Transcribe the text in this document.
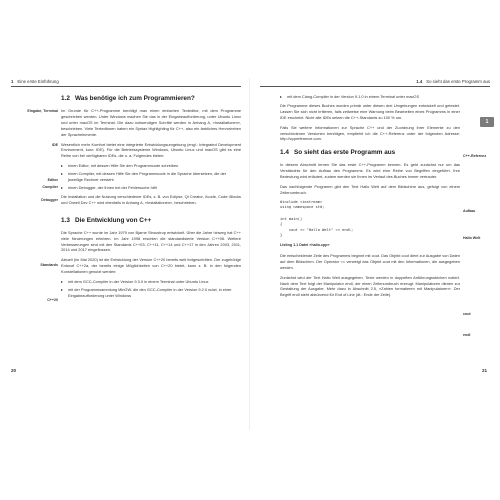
1 Eine erste Einführung
Eingabe, Terminal
IDE
Editor
Compiler
Debugger
Standards
C++20
1.2 Was benötige ich zum Programmieren?
Im Grunde für C++-Programme benötigt man einen einfachen Texteditor, mit dem Programme geschrieben werden. Unter Windows machen Sie das in der Eingabeaufforderung, unter Ubuntu Linux und unter macOS im Terminal. Die dazu notwendigen Schritte werden in Anhang A, »Installationen«, beschrieben. Viele Texteditoren haben ein Syntax Highlighting für C++, also ein farbliches Hervorheben der Sprachelemente.
Wesentlich mehr Komfort bietet eine integrierte Entwicklungsumgebung (engl.: Integrated Development Environment, kurz: IDE). Für die Betriebssysteme Windows, Ubuntu Linux und macOS gibt es eine Reihe von frei verfügbaren IDEs, die u. a. Folgendes bieten:
▸ einen Editor, mit dessen Hilfe Sie den Programmcode schreiben
▸ einen Compiler, mit dessen Hilfe Sie den Programmcode in die Sprache übersetzen, die der jeweilige Rechner versteht
▸ einen Debugger, der Ihnen bei der Fehlersuche hilft
Die Installation und die Nutzung verschiedener IDEs, z. B. von Eclipse, Qt Creator, Xcode, Code::Blocks und Orwell Dev C++ wird ebenfalls in Anhang A, »Installationen«, beschrieben.
1.3 Die Entwicklung von C++
Die Sprache C++ wurde im Jahr 1979 von Bjarne Stroustrup entwickelt. Über die Jahre hinweg hat C++ viele Neuerungen erfahren. Im Jahr 1998 erschien die standardisierte Version C++98. Weitere Verbesserungen sind mit den Standards C++03, C++11, C++14 und C++17 in den Jahren 2003, 2011, 2014 und 2017 eingeflossen.
Aktuell (im Mai 2020) ist die Entwicklung der Version C++20 bereits weit fortgeschritten. Der zugehörige Entwurf C++2a, der bereits einige Möglichkeiten von C++20 bietet, kann z. B. in den folgenden Konstellationen genutzt werden:
▸ mit dem GCC-Compiler in der Version 9.3.0 in einem Terminal unter Ubuntu Linux
▸ mit der Programmsammlung MinGW, die den GCC-Compiler in der Version 9.2.0 nutzt, in einer Eingabeaufforderung unter Windows
1.4 So sieht das erste Programm aus
C++-Referenz
Aufbau
Hallo Welt
cout
endl
▸ mit dem Clang-Compiler in der Version 9.1.0 in einem Terminal unter macOS
Die Programme dieses Buches wurden primär unter diesen drei Umgebungen entwickelt und getestet. Lassen Sie sich nicht irritieren, falls zeitweise eine Warnung beim Bearbeiten eines Programms in einer IDE erscheint. Nicht alle IDEs setzen die C++-Standards zu 100 % um.
Falls Sie weitere Informationen zur Sprache C++ und der Zuordnung ihrer Elemente zu den verschiedenen Versionen benötigen, empfiehlt ich die C++-Referenz unter der folgenden Adresse: http://cppreference.com.
1.4 So sieht das erste Programm aus
In diesem Abschnitt lernen Sie das erste C++-Programm kennen. Es geht zunächst nur um das Verständnis für den Aufbau des Programms. Es wird eine Reihe von Begriffen eingeführt. Ihre Bedeutung wird erläutert, zudem werden sie Ihnen im Verlauf des Buches immer vertrauter.
Das nachfolgende Programm gibt den Text Hallo Welt auf dem Bildschirm aus, gefolgt von einem Zeilenumbruch.
#include <iostream>
using namespace std;

int main()
{
cout << "Hallo Welt" << endl;
}
Listing 1.1 Datei »hallo.cpp«
Die entscheidende Zeile des Programms beginnt mit cout. Das Objekt cout dient zur Ausgabe von Daten auf dem Bildschirm. Der Operator << verweigt das Objekt cout mit den Informationen, die ausgegeben werden.
Zunächst wird der Text Hallo Welt ausgegeben. Texte werden in doppelten Anführungsstrichen notiert. Nach dem Text folgt der Manipulator endl, der einen Zeilenumbruch erzeugt. Manipulatoren dienen zur Gestaltung der Ausgabe. Mehr dazu in Abschnitt 2.5, »Zahlen formatieren mit Manipulatoren«. Der Begriff endl steht abkürzend für End of Line (dt.: Ende der Zeile).
1
20	21
